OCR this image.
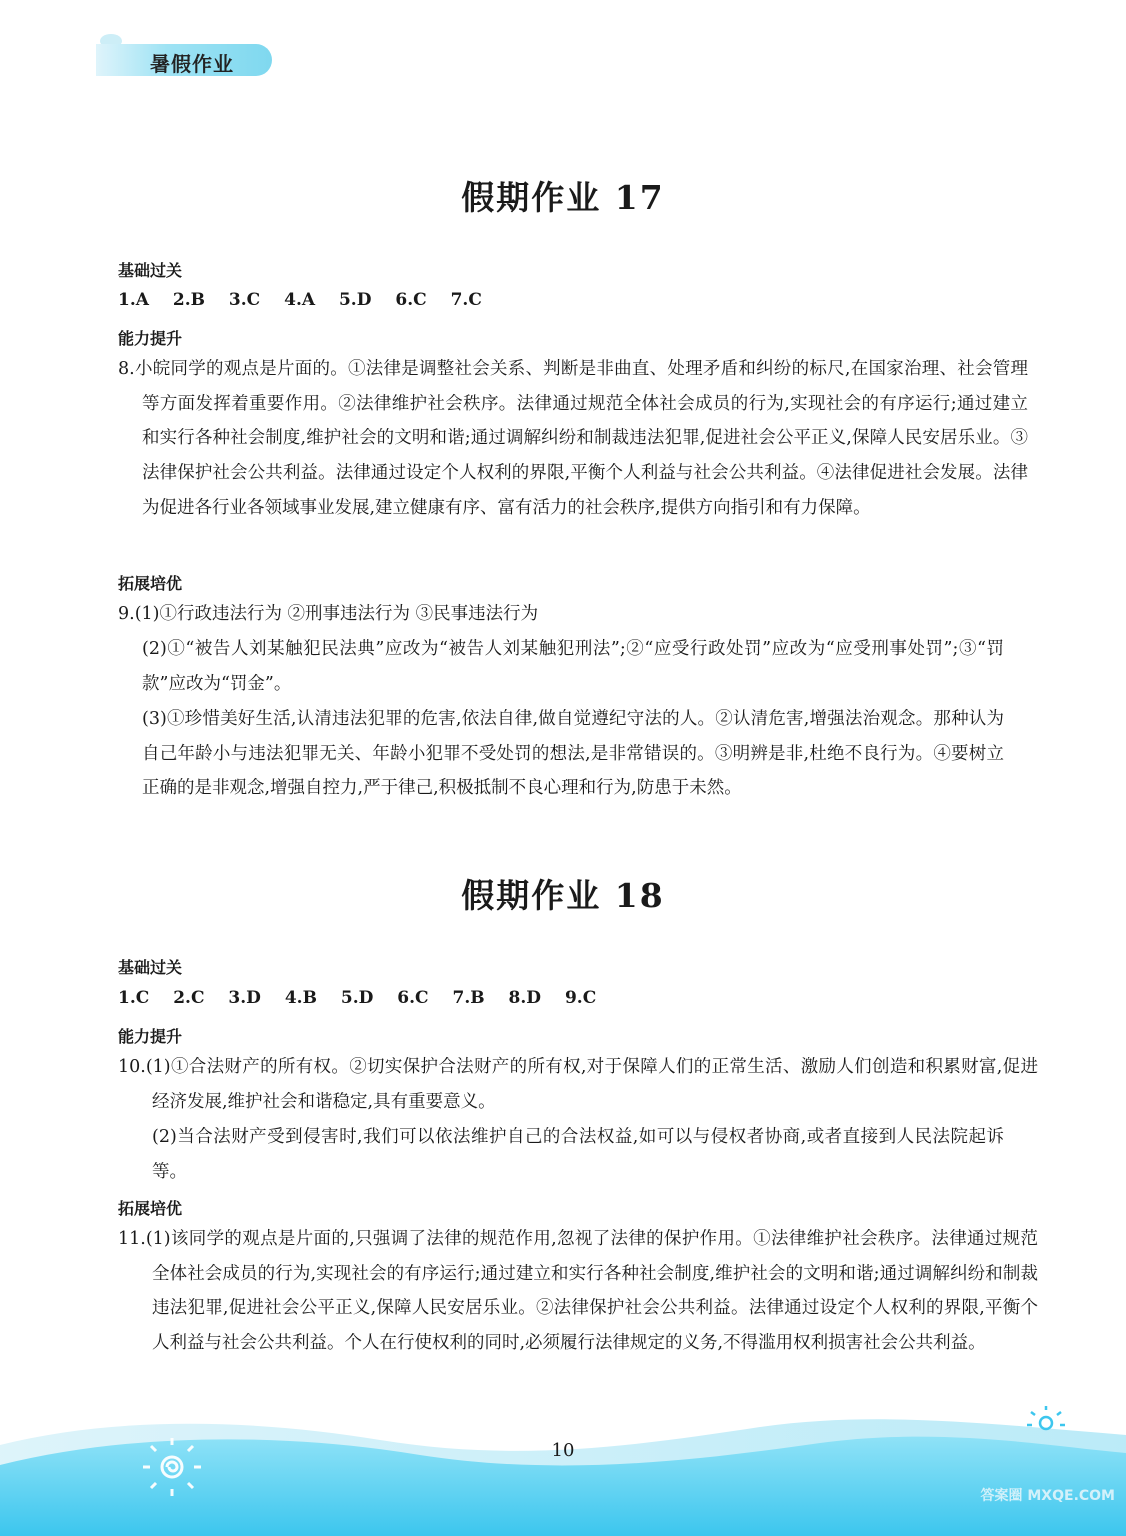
暑假作业
假期作业 17
基础过关
1.A 2.B 3.C 4.A 5.D 6.C 7.C
能力提升
8.小皖同学的观点是片面的。①法律是调整社会关系、判断是非曲直、处理矛盾和纠纷的标尺,在国家治理、社会管理等方面发挥着重要作用。②法律维护社会秩序。法律通过规范全体社会成员的行为,实现社会的有序运行;通过建立和实行各种社会制度,维护社会的文明和谐;通过调解纠纷和制裁违法犯罪,促进社会公平正义,保障人民安居乐业。③法律保护社会公共利益。法律通过设定个人权利的界限,平衡个人利益与社会公共利益。④法律促进社会发展。法律为促进各行业各领域事业发展,建立健康有序、富有活力的社会秩序,提供方向指引和有力保障。
拓展培优
9.(1)①行政违法行为 ②刑事违法行为 ③民事违法行为
(2)①“被告人刘某触犯民法典”应改为“被告人刘某触犯刑法”;②“应受行政处罚”应改为“应受刑事处罚”;③“罚款”应改为“罚金”。
(3)①珍惜美好生活,认清违法犯罪的危害,依法自律,做自觉遵纪守法的人。②认清危害,增强法治观念。那种认为自己年龄小与违法犯罪无关、年龄小犯罪不受处罚的想法,是非常错误的。③明辨是非,杜绝不良行为。④要树立正确的是非观念,增强自控力,严于律己,积极抵制不良心理和行为,防患于未然。
假期作业 18
基础过关
1.C 2.C 3.D 4.B 5.D 6.C 7.B 8.D 9.C
能力提升
10.(1)①合法财产的所有权。②切实保护合法财产的所有权,对于保障人们的正常生活、激励人们创造和积累财富,促进经济发展,维护社会和谐稳定,具有重要意义。
(2)当合法财产受到侵害时,我们可以依法维护自己的合法权益,如可以与侵权者协商,或者直接到人民法院起诉等。
拓展培优
11.(1)该同学的观点是片面的,只强调了法律的规范作用,忽视了法律的保护作用。①法律维护社会秩序。法律通过规范全体社会成员的行为,实现社会的有序运行;通过建立和实行各种社会制度,维护社会的文明和谐;通过调解纠纷和制裁违法犯罪,促进社会公平正义,保障人民安居乐业。②法律保护社会公共利益。法律通过设定个人权利的界限,平衡个人利益与社会公共利益。个人在行使权利的同时,必须履行法律规定的义务,不得滥用权利损害社会公共利益。
10
答案圈 MXQE.COM
